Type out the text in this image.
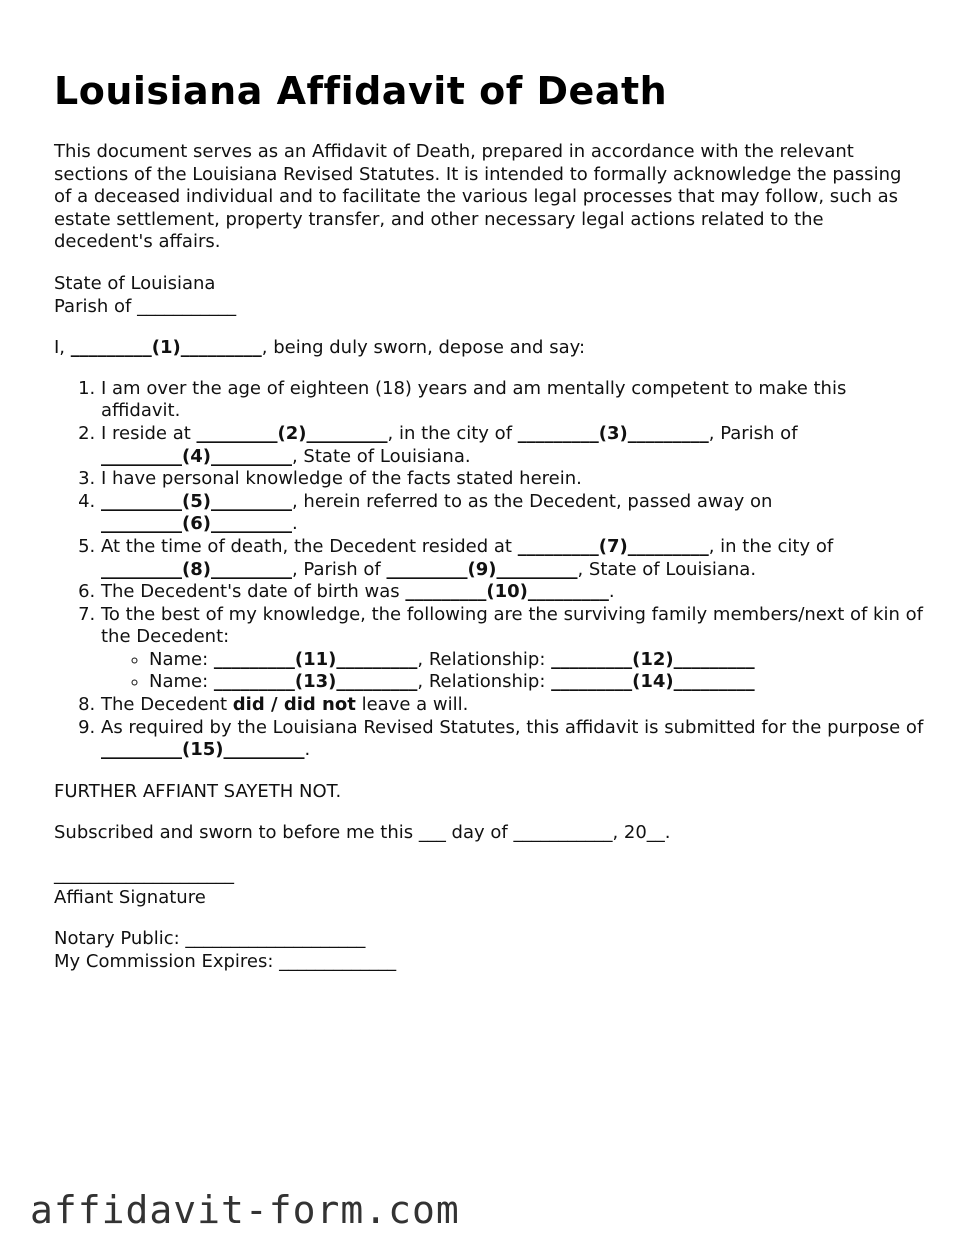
Louisiana Affidavit of Death
This document serves as an Affidavit of Death, prepared in accordance with the relevant sections of the Louisiana Revised Statutes. It is intended to formally acknowledge the passing of a deceased individual and to facilitate the various legal processes that may follow, such as estate settlement, property transfer, and other necessary legal actions related to the decedent's affairs.
State of Louisiana
Parish of ___________
I, _________(1)_________, being duly sworn, depose and say:
1. I am over the age of eighteen (18) years and am mentally competent to make this affidavit.
2. I reside at _________(2)_________, in the city of _________(3)_________, Parish of _________(4)_________, State of Louisiana.
3. I have personal knowledge of the facts stated herein.
4. _________(5)_________, herein referred to as the Decedent, passed away on _________(6)_________.
5. At the time of death, the Decedent resided at _________(7)_________, in the city of _________(8)_________, Parish of _________(9)_________, State of Louisiana.
6. The Decedent's date of birth was _________(10)_________.
7. To the best of my knowledge, the following are the surviving family members/next of kin of the Decedent:
◦ Name: _________(11)_________, Relationship: _________(12)_________
◦ Name: _________(13)_________, Relationship: _________(14)_________
8. The Decedent did / did not leave a will.
9. As required by the Louisiana Revised Statutes, this affidavit is submitted for the purpose of _________(15)_________.
FURTHER AFFIANT SAYETH NOT.
Subscribed and sworn to before me this ___ day of ___________, 20__.
____________________
Affiant Signature
Notary Public: ____________________
My Commission Expires: _____________
affidavit-form.com
